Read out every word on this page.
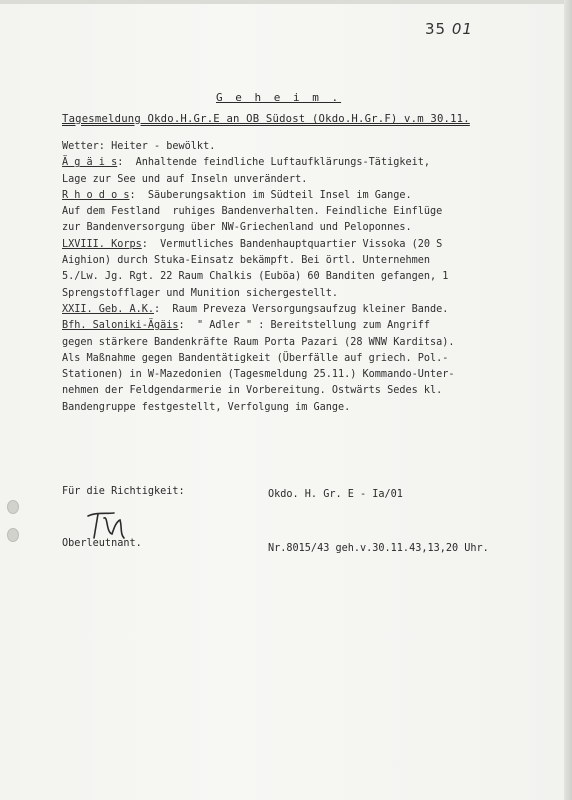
35 01
G e h e i m .
Tagesmeldung Okdo.H.Gr.E an OB Südost (Okdo.H.Gr.F) v.m 30.11.
Wetter: Heiter - bewölkt.
Ä g ä i s:  Anhaltende feindliche Luftaufklärungs-Tätigkeit,
Lage zur See und auf Inseln unverändert.
R h o d o s:  Säuberungsaktion im Südteil Insel im Gange.
Auf dem Festland  ruhiges Bandenverhalten. Feindliche Einflüge
zur Bandenversorgung über NW-Griechenland und Peloponnes.
LXVIII. Korps:  Vermutliches Bandenhauptquartier Vissoka (20 S
Aighion) durch Stuka-Einsatz bekämpft. Bei örtl. Unternehmen
5./Lw. Jg. Rgt. 22 Raum Chalkis (Euböa) 60 Banditen gefangen, 1
Sprengstofflager und Munition sichergestellt.
XXII. Geb. A.K.:  Raum Preveza Versorgungsaufzug kleiner Bande.
Bfh. Saloniki-Ägäis:  " Adler " : Bereitstellung zum Angriff
gegen stärkere Bandenkräfte Raum Porta Pazari (28 WNW Karditsa).
Als Maßnahme gegen Bandentätigkeit (Überfälle auf griech. Pol.-
Stationen) in W-Mazedonien (Tagesmeldung 25.11.) Kommando-Unter-
nehmen der Feldgendarmerie in Vorbereitung. Ostwärts Sedes kl.
Bandengruppe festgestellt, Verfolgung im Gange.

Okdo. H. Gr. E - Ia/01

Nr.8015/43 geh.v.30.11.43,13,20 Uhr.

Für die Richtigkeit:
Oberleutnant.
